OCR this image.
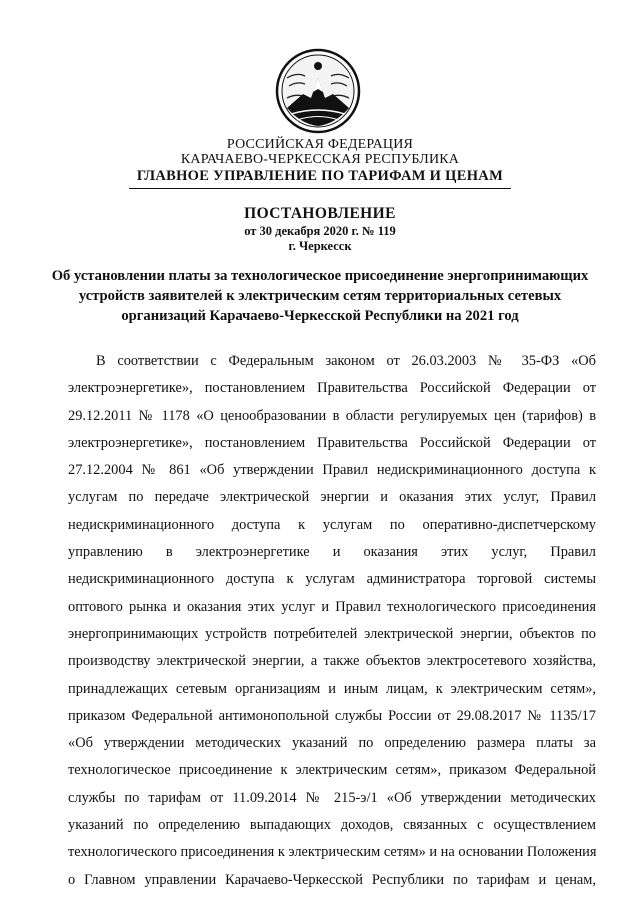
РОССИЙСКАЯ ФЕДЕРАЦИЯ
КАРАЧАЕВО-ЧЕРКЕССКАЯ РЕСПУБЛИКА
ГЛАВНОЕ УПРАВЛЕНИЕ ПО ТАРИФАМ И ЦЕНАМ
ПОСТАНОВЛЕНИЕ
от 30 декабря 2020 г. № 119
г. Черкесск
Об установлении платы за технологическое присоединение энергопринимающих
устройств заявителей к электрическим сетям территориальных сетевых
организаций Карачаево-Черкесской Республики на 2021 год
В соответствии с Федеральным законом от 26.03.2003 № 35-ФЗ «Об
электроэнергетике», постановлением Правительства Российской Федерации от
29.12.2011 № 1178 «О ценообразовании в области регулируемых цен (тарифов) в
электроэнергетике», постановлением Правительства Российской Федерации от
27.12.2004 № 861 «Об утверждении Правил недискриминационного доступа к
услугам по передаче электрической энергии и оказания этих услуг, Правил
недискриминационного доступа к услугам по оперативно-диспетчерскому
управлению в электроэнергетике и оказания этих услуг, Правил
недискриминационного доступа к услугам администратора торговой системы
оптового рынка и оказания этих услуг и Правил технологического присоединения
энергопринимающих устройств потребителей электрической энергии, объектов по
производству электрической энергии, а также объектов электросетевого хозяйства,
принадлежащих сетевым организациям и иным лицам, к электрическим сетям»,
приказом Федеральной антимонопольной службы России от 29.08.2017 № 1135/17
«Об утверждении методических указаний по определению размера платы за
технологическое присоединение к электрическим сетям», приказом Федеральной
службы по тарифам от 11.09.2014 № 215-э/1 «Об утверждении методических
указаний по определению выпадающих доходов, связанных с осуществлением
технологического присоединения к электрическим сетям» и на основании Положения
о Главном управлении Карачаево-Черкесской Республики по тарифам и ценам,
